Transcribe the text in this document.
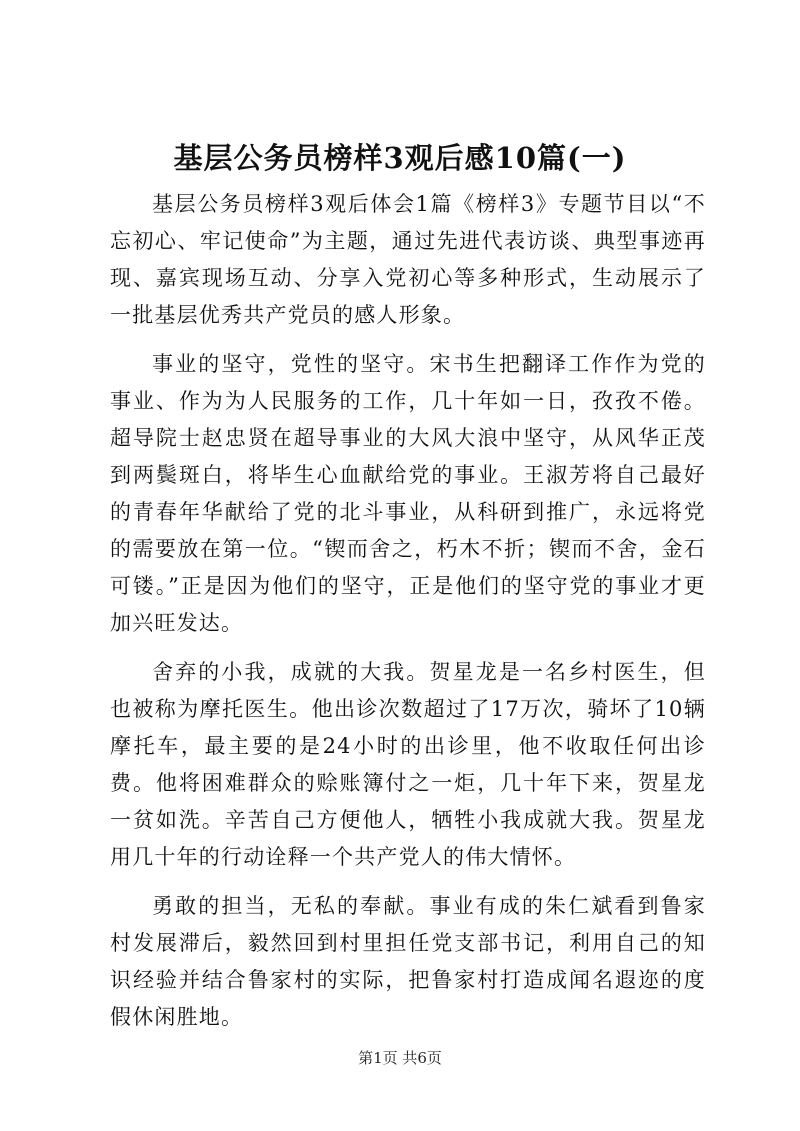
基层公务员榜样3观后感10篇(一)

基层公务员榜样3观后体会1篇《榜样3》专题节目以“不忘初心、牢记使命”为主题，通过先进代表访谈、典型事迹再现、嘉宾现场互动、分享入党初心等多种形式，生动展示了一批基层优秀共产党员的感人形象。

事业的坚守，党性的坚守。宋书生把翻译工作作为党的事业、作为为人民服务的工作，几十年如一日，孜孜不倦。超导院士赵忠贤在超导事业的大风大浪中坚守，从风华正茂到两鬓斑白，将毕生心血献给党的事业。王淑芳将自己最好的青春年华献给了党的北斗事业，从科研到推广，永远将党的需要放在第一位。“锲而舍之，朽木不折；锲而不舍，金石可镂。”正是因为他们的坚守，正是他们的坚守党的事业才更加兴旺发达。

舍弃的小我，成就的大我。贺星龙是一名乡村医生，但也被称为摩托医生。他出诊次数超过了17万次，骑坏了10辆摩托车，最主要的是24小时的出诊里，他不收取任何出诊费。他将困难群众的赊账簿付之一炬，几十年下来，贺星龙一贫如洗。辛苦自己方便他人，牺牲小我成就大我。贺星龙用几十年的行动诠释一个共产党人的伟大情怀。

勇敢的担当，无私的奉献。事业有成的朱仁斌看到鲁家村发展滞后，毅然回到村里担任党支部书记，利用自己的知识经验并结合鲁家村的实际，把鲁家村打造成闻名遐迩的度假休闲胜地。

第1页 共6页
